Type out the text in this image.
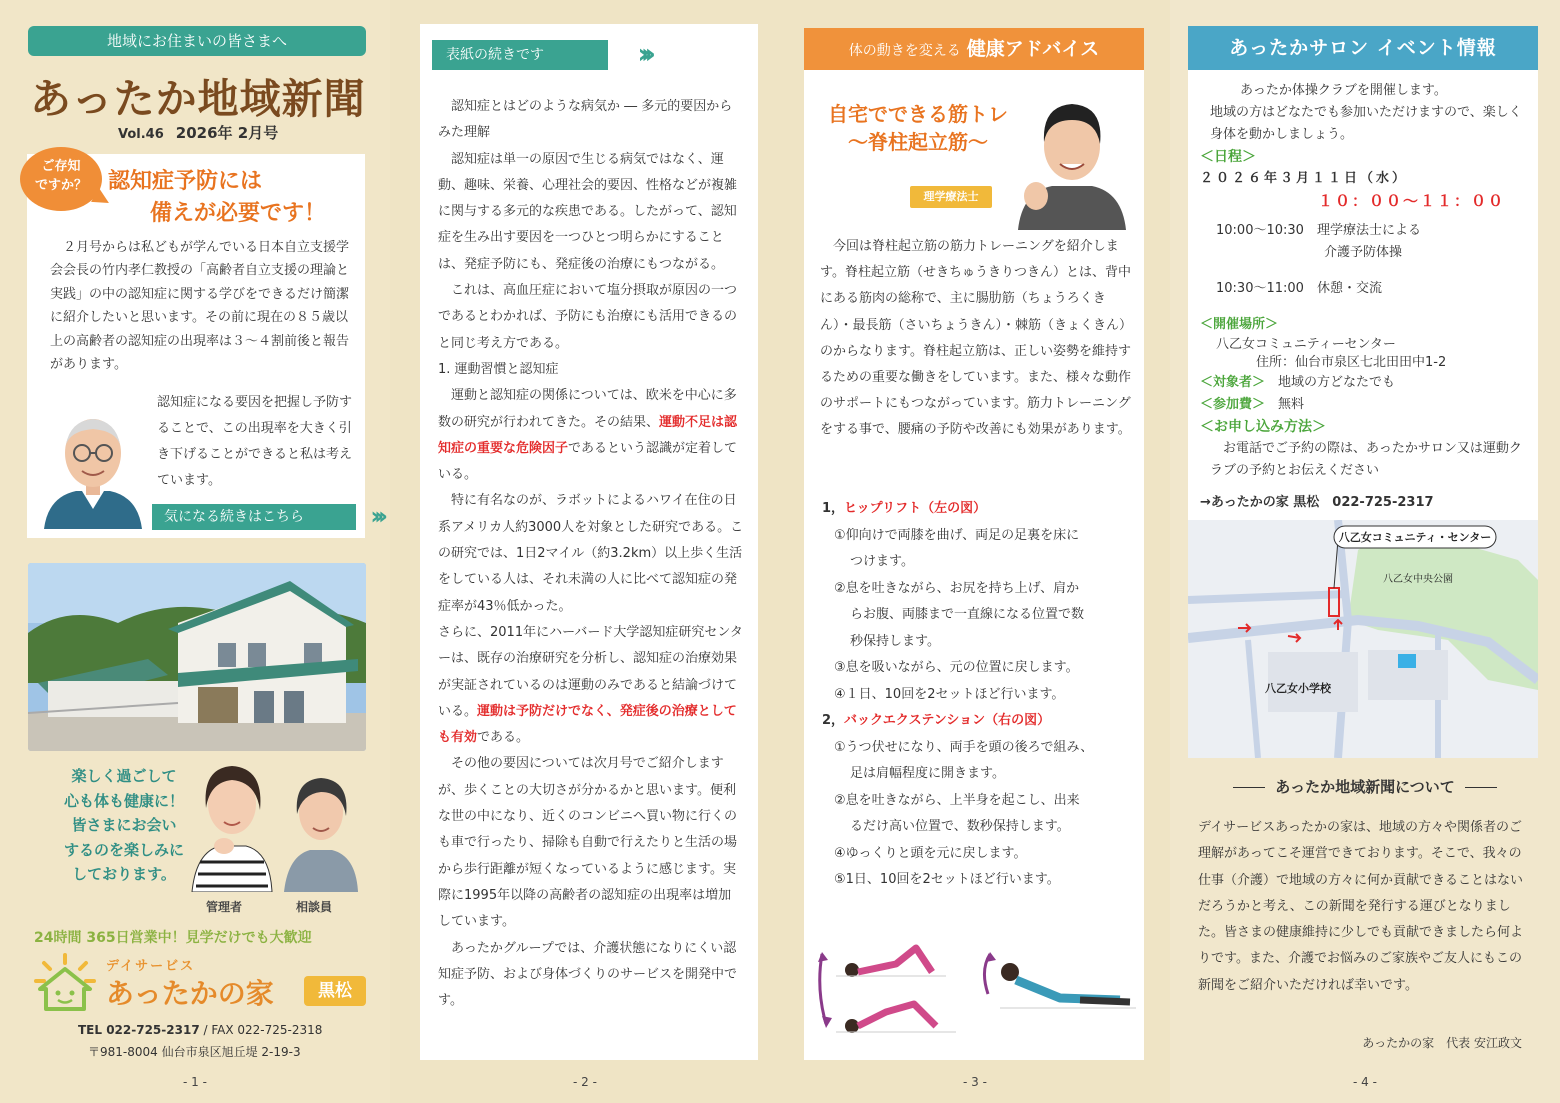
地域にお住まいの皆さまへ
あったか地域新聞
Vol.46 2026年 2月号
ご存知
ですか？ 認知症予防には
備えが必要です！
２月号からは私どもが学んでいる日本自立支援学会会長の竹内孝仁教授の「高齢者自立支援の理論と実践」の中の認知症に関する学びをできるだけ簡潔に紹介したいと思います。その前に現在の８５歳以上の高齢者の認知症の出現率は３～４割前後と報告があります。
認知症になる要因を把握し予防することで、この出現率を大きく引き下げることができると私は考えています。
気になる続きはこちら	›››
楽しく過ごして
心も体も健康に！
皆さまにお会い
するのを楽しみに
しております。
管理者	相談員
24時間 365日営業中！見学だけでも大歓迎
デイサービス
あったかの家	黒松
TEL 022-725-2317 / FAX 022-725-2318
〒981-8004 仙台市泉区旭丘堤 2-19-3
- 1 -
表紙の続きです	›››

認知症とはどのような病気か ― 多元的要因からみた理解

認知症は単一の原因で生じる病気ではなく、運動、趣味、栄養、心理社会的要因、性格などが複雑に関与する多元的な疾患である。したがって、認知症を生み出す要因を一つひとつ明らかにすることは、発症予防にも、発症後の治療にもつながる。

これは、高血圧症において塩分摂取が原因の一つであるとわかれば、予防にも治療にも活用できるのと同じ考え方である。

1. 運動習慣と認知症

運動と認知症の関係については、欧米を中心に多数の研究が行われてきた。その結果、運動不足は認知症の重要な危険因子であるという認識が定着している。

特に有名なのが、ラボットによるハワイ在住の日系アメリカ人約3000人を対象とした研究である。この研究では、1日2マイル（約3.2km）以上歩く生活をしている人は、それ未満の人に比べて認知症の発症率が43％低かった。

さらに、2011年にハーバード大学認知症研究センターは、既存の治療研究を分析し、認知症の治療効果が実証されているのは運動のみであると結論づけている。運動は予防だけでなく、発症後の治療としても有効である。

その他の要因については次月号でご紹介しますが、歩くことの大切さが分かるかと思います。便利な世の中になり、近くのコンビニへ買い物に行くのも車で行ったり、掃除も自動で行えたりと生活の場から歩行距離が短くなっているように感じます。実際に1995年以降の高齢者の認知症の出現率は増加しています。

あったかグループでは、介護状態になりにくい認知症予防、および身体づくりのサービスを開発中です。

- 2 -
体の動きを変える 健康アドバイス
自宅でできる筋トレ
～脊柱起立筋～
理学療法士

今回は脊柱起立筋の筋力トレーニングを紹介します。脊柱起立筋（せきちゅうきりつきん）とは、背中にある筋肉の総称で、主に腸肋筋（ちょうろくきん）・最長筋（さいちょうきん）・棘筋（きょくきん）のからなります。脊柱起立筋は、正しい姿勢を維持するための重要な働きをしています。また、様々な動作のサポートにもつながっています。筋力トレーニングをする事で、腰痛の予防や改善にも効果があります。

1，ヒップリフト（左の図）
①仰向けで両膝を曲げ、両足の足裏を床に
つけます。
②息を吐きながら、お尻を持ち上げ、肩か
らお腹、両膝まで一直線になる位置で数
秒保持します。
③息を吸いながら、元の位置に戻します。
④１日、10回を2セットほど行います。
2，バックエクステンション（右の図）
①うつ伏せになり、両手を頭の後ろで組み、
足は肩幅程度に開きます。
②息を吐きながら、上半身を起こし、出来
るだけ高い位置で、数秒保持します。
④ゆっくりと頭を元に戻します。
⑤1日、10回を2セットほど行います。
- 3 -
あったかサロン イベント情報
あったか体操クラブを開催します。
地域の方はどなたでも参加いただけますので、楽しく身体を動かしましょう。
＜日程＞
２０２６年３月１１日（水）
１０：００～１１：００
10:00～10:30　 理学療法士による
介護予防体操
10:30～11:00　 休憩・交流
＜開催場所＞
八乙女コミュニティーセンター
住所：仙台市泉区七北田田中1-2
＜対象者＞　 地域の方どなたでも
＜参加費＞　 無料
＜お申し込み方法＞
お電話でご予約の際は、あったかサロン又は運動クラブの予約とお伝えください
→あったかの家 黒松　022-725-2317
八乙女コミュニティ・センター
八乙女中央公園
八乙女小学校
あったか地域新聞について
デイサービスあったかの家は、地域の方々や関係者のご理解があってこそ運営できております。そこで、我々の仕事（介護）で地域の方々に何か貢献できることはないだろうかと考え、この新聞を発行する運びとなりました。皆さまの健康維持に少しでも貢献できましたら何よりです。また、介護でお悩みのご家族やご友人にもこの新聞をご紹介いただければ幸いです。
あったかの家　代表 安江政文
- 4 -
